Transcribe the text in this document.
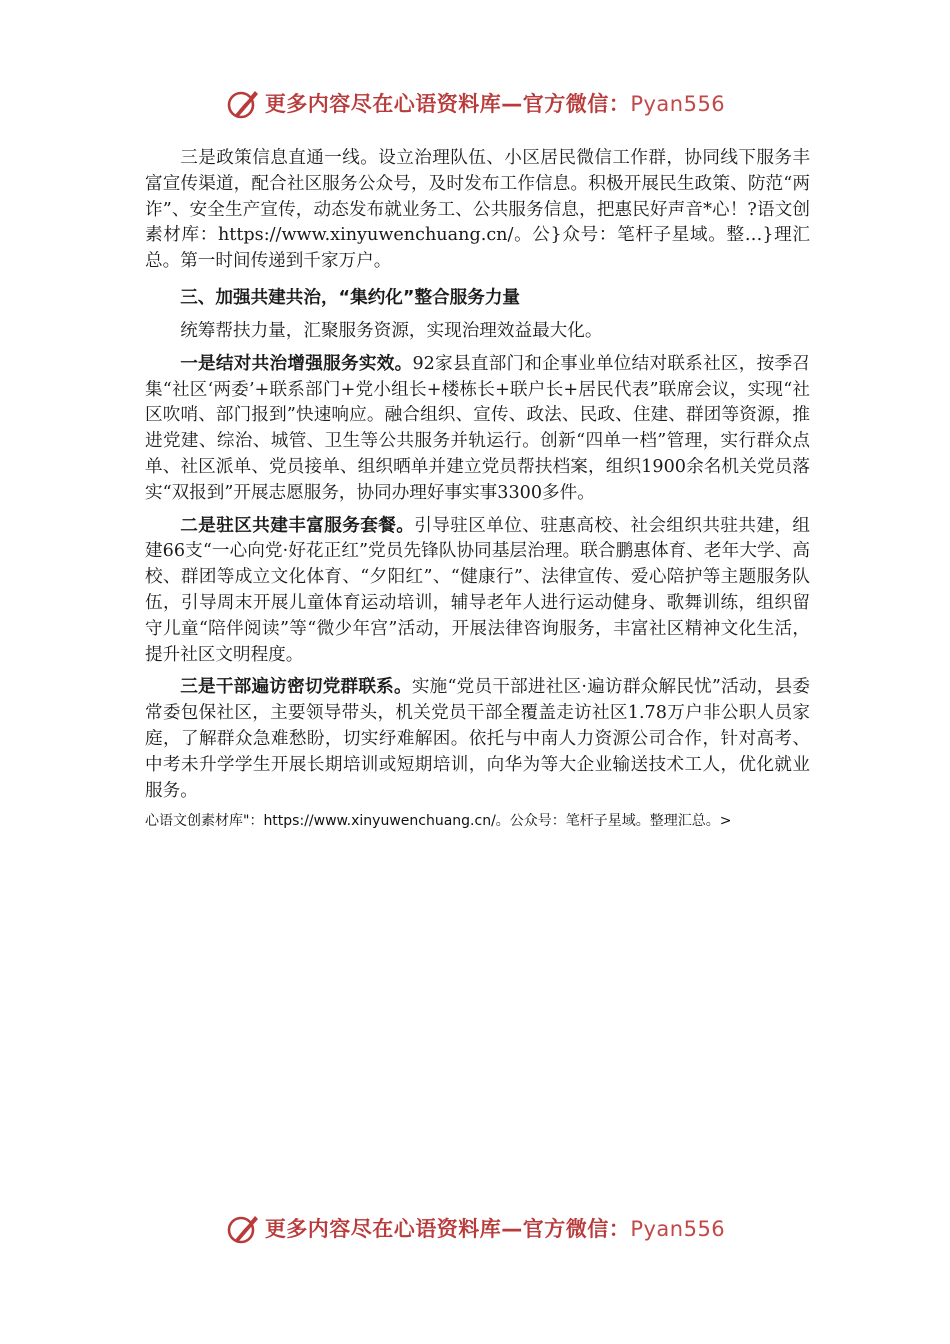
更多内容尽在心语资料库—官方微信：Pyan556

三是政策信息直通一线。设立治理队伍、小区居民微信工作群，协同线下服务丰富宣传渠道，配合社区服务公众号，及时发布工作信息。积极开展民生政策、防范“两诈”、安全生产宣传，动态发布就业务工、公共服务信息，把惠民好声音*心！?语文创素材库：https://www.xinyuwenchuang.cn/。公}众号：笔杆子星域。整…}理汇总。第一时间传递到千家万户。

三、加强共建共治，“集约化”整合服务力量

统筹帮扶力量，汇聚服务资源，实现治理效益最大化。

一是结对共治增强服务实效。92家县直部门和企事业单位结对联系社区，按季召集“社区‘两委’+联系部门+党小组长+楼栋长+联户长+居民代表”联席会议，实现“社区吹哨、部门报到”快速响应。融合组织、宣传、政法、民政、住建、群团等资源，推进党建、综治、城管、卫生等公共服务并轨运行。创新“四单一档”管理，实行群众点单、社区派单、党员接单、组织晒单并建立党员帮扶档案，组织1900余名机关党员落实“双报到”开展志愿服务，协同办理好事实事3300多件。

二是驻区共建丰富服务套餐。引导驻区单位、驻惠高校、社会组织共驻共建，组建66支“一心向党·好花正红”党员先锋队协同基层治理。联合鹏惠体育、老年大学、高校、群团等成立文化体育、“夕阳红”、“健康行”、法律宣传、爱心陪护等主题服务队伍，引导周末开展儿童体育运动培训，辅导老年人进行运动健身、歌舞训练，组织留守儿童“陪伴阅读”等“微少年宫”活动，开展法律咨询服务，丰富社区精神文化生活，提升社区文明程度。

三是干部遍访密切党群联系。实施“党员干部进社区·遍访群众解民忧”活动，县委常委包保社区，主要领导带头，机关党员干部全覆盖走访社区1.78万户非公职人员家庭，了解群众急难愁盼，切实纾难解困。依托与中南人力资源公司合作，针对高考、中考未升学学生开展长期培训或短期培训，向华为等大企业输送技术工人，优化就业服务。

心语文创素材库"：https://www.xinyuwenchuang.cn/。公众号：笔杆子星域。整理汇总。>
更多内容尽在心语资料库—官方微信：Pyan556
